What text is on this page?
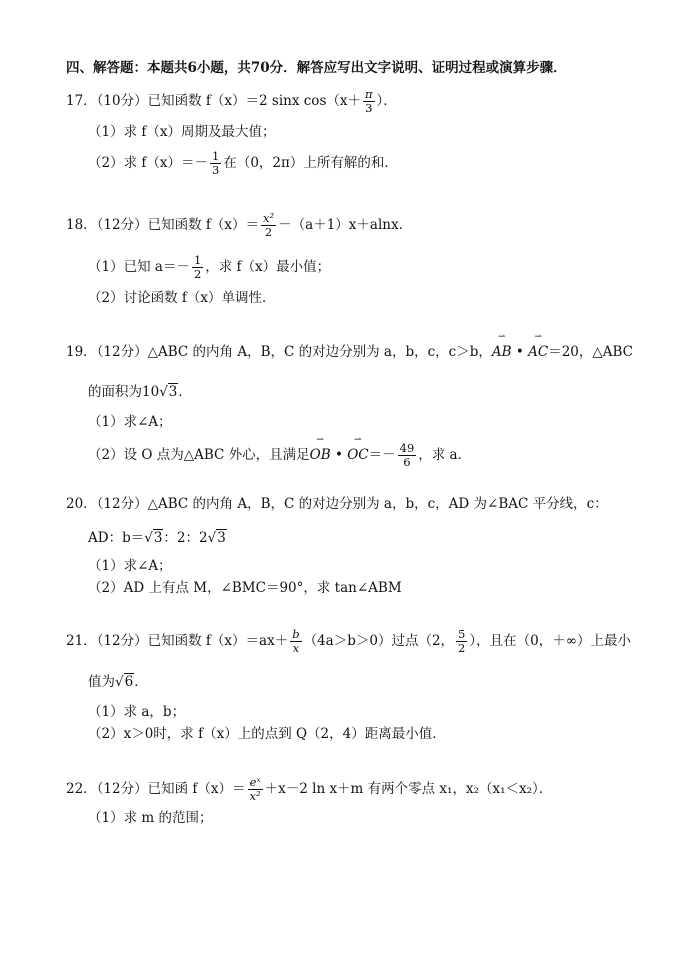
四、解答题：本题共6小题，共70分．解答应写出文字说明、证明过程或演算步骤．
17．（10分）已知函数 f（x）＝2 sinx $\cos(x+ \frac{\pi}{3}$ ）．
（1）求 f（x）周期及最大值；
（2）求 $f(x)=- \frac{1}{3}$ 在（0，2π）上所有解的和．
18．（12分）已知函数 $f(x)= \frac{\text{x²}}{2} -(a+1)x+alnx$．
（1）已知 $a=- \frac{1}{2}$ ，求 f（x）最小值；
（2）讨论函数 f（x）单调性．
19．（12分）△ABC 的内角 A，B，C 的对边分别为 a，b，c，c＞b，
⇀
AB •
⇀
AC＝20，△ABC
的面积为10√3．
（1）求∠A；
（2）设 O 点为△ABC 外心，且满足
⇀
OB •
⇀
$OC=- \frac{49}{6}$ ，求 a．
20．（12分）△ABC 的内角 A，B，C 的对边分别为 a，b，c，AD 为∠BAC 平分线，c：
AD：b＝√3：2：2√3
（1）求∠A；
（2）AD 上有点 M，∠BMC＝90°，求 tan∠ABM
21．（12分）已知函数 $f(x)=ax+ \frac{b}{x} (4a>b>0)$过点（2， $\frac{5}{2}$ ），且在（0，＋∞）上最小
值为√6．
（1）求 a，b；
（2）x＞0时，求 f（x）上的点到 Q（2，4）距离最小值．
22．（12分）已知函 $f(x)= \frac{\text{eˣ}}{\text{x²}} +x-2$ ln x＋m 有两个零点 x₁，x₂（x₁＜x₂）．
（1）求 m 的范围；
